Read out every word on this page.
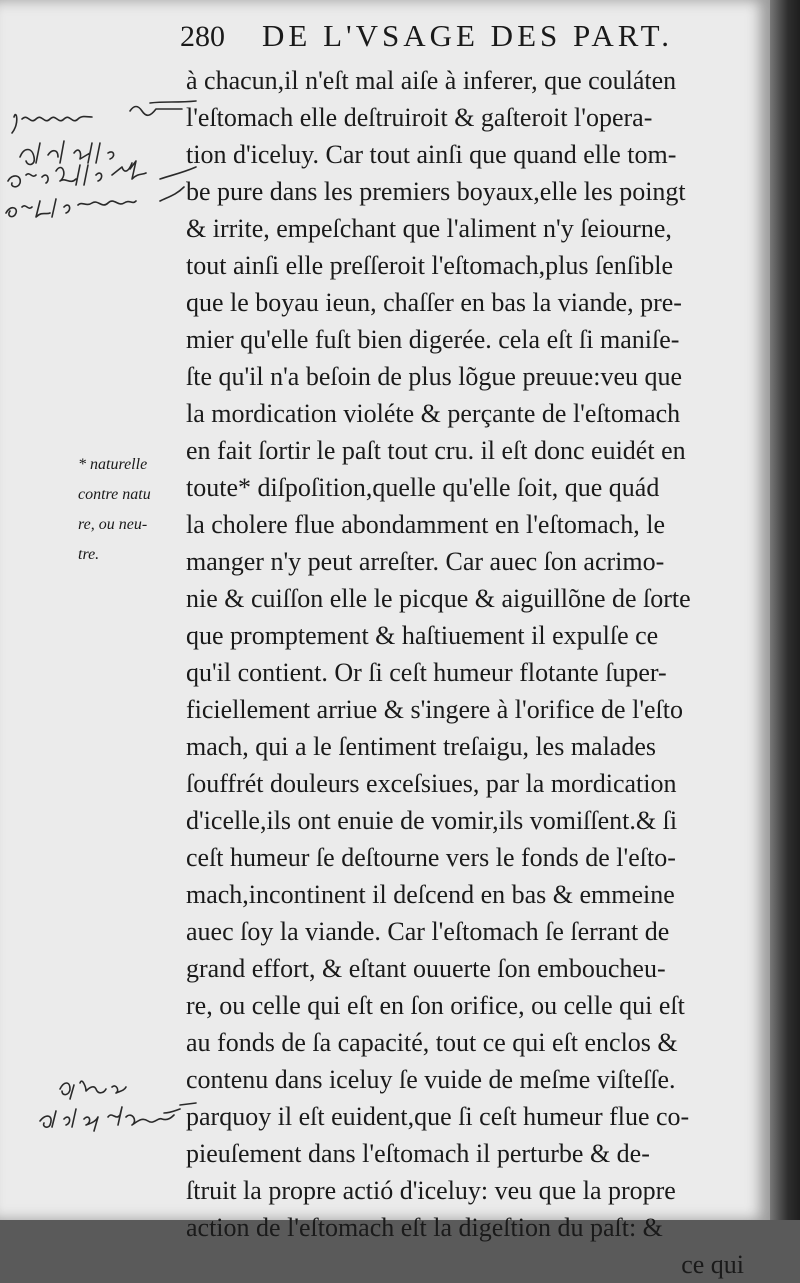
280 DE L'VSAGE DES PART.
à chacun,il n'eſt mal aiſe à inferer, que couláten
l'eſtomach elle deſtruiroit & gaſteroit l'opera-
tion d'iceluy. Car tout ainſi que quand elle tom-
be pure dans les premiers boyaux,elle les poingt
& irrite, empeſchant que l'aliment n'y ſeiourne,
tout ainſi elle preſſeroit l'eſtomach,plus ſenſible
que le boyau ieun, chaſſer en bas la viande, pre-
mier qu'elle fuſt bien digerée. cela eſt ſi maniſe-
ſte qu'il n'a beſoin de plus lõgue preuue:veu que
la mordication violéte & perçante de l'eſtomach
en fait ſortir le paſt tout cru. il eſt donc euidét en
toute* diſpoſition,quelle qu'elle ſoit, que quád
la cholere flue abondamment en l'eſtomach, le
manger n'y peut arreſter. Car auec ſon acrimo-
nie & cuiſſon elle le picque & aiguillõne de ſorte
que promptement & haſtiuement il expulſe ce
qu'il contient. Or ſi ceſt humeur flotante ſuper-
ficiellement arriue & s'ingere à l'orifice de l'eſto
mach, qui a le ſentiment treſaigu, les malades
ſouffrét douleurs exceſsiues, par la mordication
d'icelle,ils ont enuie de vomir,ils vomiſſent.& ſi
ceſt humeur ſe deſtourne vers le fonds de l'eſto-
mach,incontinent il deſcend en bas & emmeine
auec ſoy la viande. Car l'eſtomach ſe ſerrant de
grand effort, & eſtant ouuerte ſon emboucheu-
re, ou celle qui eſt en ſon orifice, ou celle qui eſt
au fonds de ſa capacité, tout ce qui eſt enclos &
contenu dans iceluy ſe vuide de meſme viſteſſe.
parquoy il eſt euident,que ſi ceſt humeur flue co-
pieuſement dans l'eſtomach il perturbe & de-
ſtruit la propre actió d'iceluy: veu que la propre
action de l'eſtomach eſt la digeſtion du paſt: &
ce qui
* naturelle
contre natu
re, ou neu-
tre.
